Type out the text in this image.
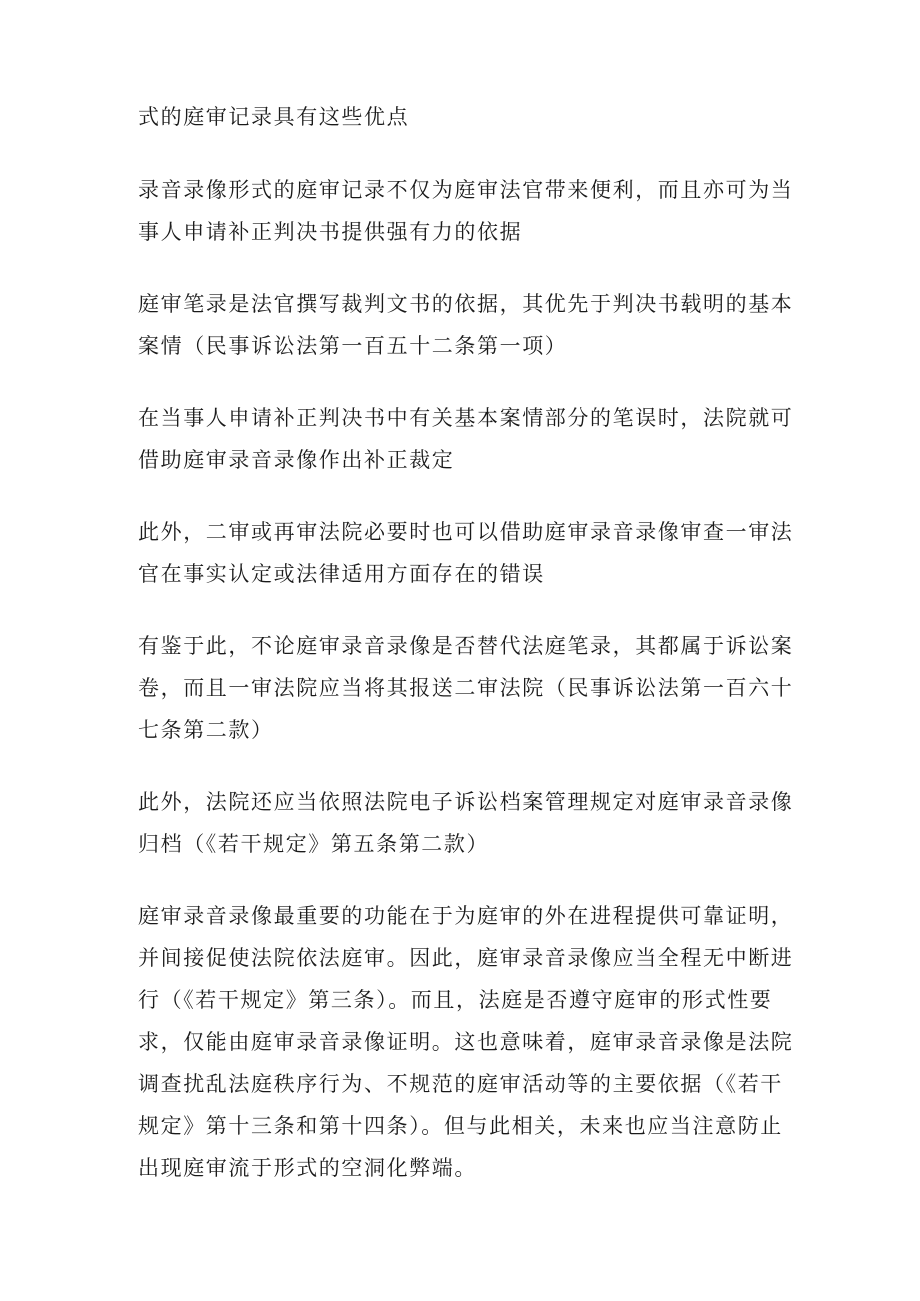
式的庭审记录具有这些优点

录音录像形式的庭审记录不仅为庭审法官带来便利，而且亦可为当事人申请补正判决书提供强有力的依据

庭审笔录是法官撰写裁判文书的依据，其优先于判决书载明的基本案情（民事诉讼法第一百五十二条第一项）

在当事人申请补正判决书中有关基本案情部分的笔误时，法院就可借助庭审录音录像作出补正裁定

此外，二审或再审法院必要时也可以借助庭审录音录像审查一审法官在事实认定或法律适用方面存在的错误

有鉴于此，不论庭审录音录像是否替代法庭笔录，其都属于诉讼案卷，而且一审法院应当将其报送二审法院（民事诉讼法第一百六十七条第二款）

此外，法院还应当依照法院电子诉讼档案管理规定对庭审录音录像归档（《若干规定》第五条第二款）

庭审录音录像最重要的功能在于为庭审的外在进程提供可靠证明，并间接促使法院依法庭审。因此，庭审录音录像应当全程无中断进行（《若干规定》第三条）。而且，法庭是否遵守庭审的形式性要求，仅能由庭审录音录像证明。这也意味着，庭审录音录像是法院调查扰乱法庭秩序行为、不规范的庭审活动等的主要依据（《若干规定》第十三条和第十四条）。但与此相关，未来也应当注意防止出现庭审流于形式的空洞化弊端。
